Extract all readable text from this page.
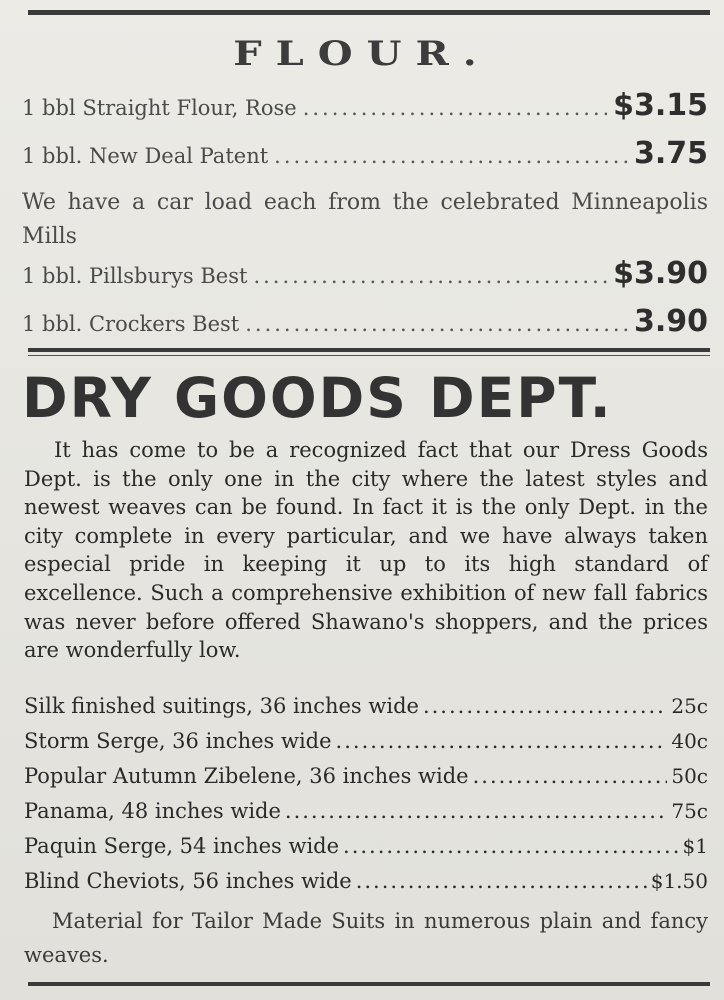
FLOUR.
1 bbl Straight Flour, Rose .....	$3.15
1 bbl. New Deal Patent .....	3.75
We have a car load each from the celebrated Minneapolis Mills
1 bbl. Pillsburys Best .....	$3.90
1 bbl. Crockers Best .....	3.90
DRY GOODS DEPT.
It has come to be a recognized fact that our Dress Goods Dept. is the only one in the city where the latest styles and newest weaves can be found. In fact it is the only Dept. in the city complete in every particular, and we have always taken especial pride in keeping it up to its high standard of excellence. Such a comprehensive exhibition of new fall fabrics was never before offered Shawano's shoppers, and the prices are wonderfully low.
Silk finished suitings, 36 inches wide .....	25c
Storm Serge, 36 inches wide .....	40c
Popular Autumn Zibelene, 36 inches wide .....	50c
Panama, 48 inches wide .....	75c
Paquin Serge, 54 inches wide .....	$1
Blind Cheviots, 56 inches wide .....	$1.50
Material for Tailor Made Suits in numerous plain and fancy weaves.
